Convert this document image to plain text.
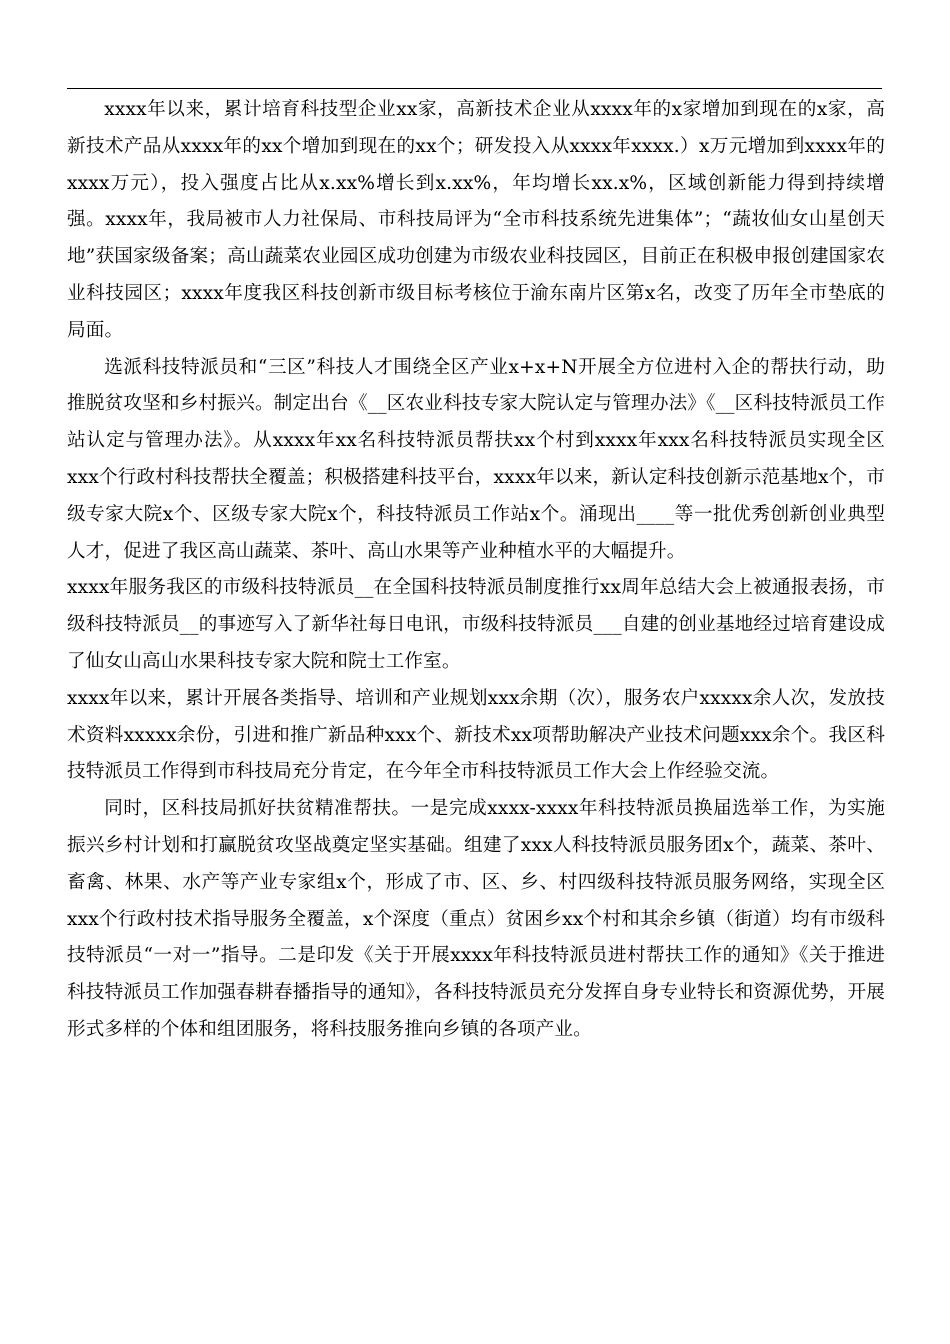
xxxx年以来，累计培育科技型企业xx家，高新技术企业从xxxx年的x家增加到现在的x家，高新技术产品从xxxx年的xx个增加到现在的xx个；研发投入从xxxx年xxxx.）x万元增加到xxxx年的xxxx万元），投入强度占比从x.xx%增长到x.xx%，年均增长xx.x%，区域创新能力得到持续增强。xxxx年，我局被市人力社保局、市科技局评为“全市科技系统先进集体”；“蔬妆仙女山星创天地”获国家级备案；高山蔬菜农业园区成功创建为市级农业科技园区，目前正在积极申报创建国家农业科技园区；xxxx年度我区科技创新市级目标考核位于渝东南片区第x名，改变了历年全市垫底的局面。

选派科技特派员和“三区”科技人才围绕全区产业x+x+N开展全方位进村入企的帮扶行动，助推脱贫攻坚和乡村振兴。制定出台《__区农业科技专家大院认定与管理办法》《__区科技特派员工作站认定与管理办法》。从xxxx年xx名科技特派员帮扶xx个村到xxxx年xxx名科技特派员实现全区xxx个行政村科技帮扶全覆盖；积极搭建科技平台，xxxx年以来，新认定科技创新示范基地x个，市级专家大院x个、区级专家大院x个，科技特派员工作站x个。涌现出____等一批优秀创新创业典型人才，促进了我区高山蔬菜、茶叶、高山水果等产业种植水平的大幅提升。

xxxx年服务我区的市级科技特派员__在全国科技特派员制度推行xx周年总结大会上被通报表扬，市级科技特派员__的事迹写入了新华社每日电讯，市级科技特派员___自建的创业基地经过培育建设成了仙女山高山水果科技专家大院和院士工作室。

xxxx年以来，累计开展各类指导、培训和产业规划xxx余期（次），服务农户xxxxx余人次，发放技术资料xxxxx余份，引进和推广新品种xxx个、新技术xx项帮助解决产业技术问题xxx余个。我区科技特派员工作得到市科技局充分肯定，在今年全市科技特派员工作大会上作经验交流。

同时，区科技局抓好扶贫精准帮扶。一是完成xxxx-xxxx年科技特派员换届选举工作，为实施振兴乡村计划和打赢脱贫攻坚战奠定坚实基础。组建了xxx人科技特派员服务团x个，蔬菜、茶叶、畜禽、林果、水产等产业专家组x个，形成了市、区、乡、村四级科技特派员服务网络，实现全区xxx个行政村技术指导服务全覆盖，x个深度（重点）贫困乡xx个村和其余乡镇（街道）均有市级科技特派员“一对一”指导。二是印发《关于开展xxxx年科技特派员进村帮扶工作的通知》《关于推进科技特派员工作加强春耕春播指导的通知》，各科技特派员充分发挥自身专业特长和资源优势，开展形式多样的个体和组团服务，将科技服务推向乡镇的各项产业。
